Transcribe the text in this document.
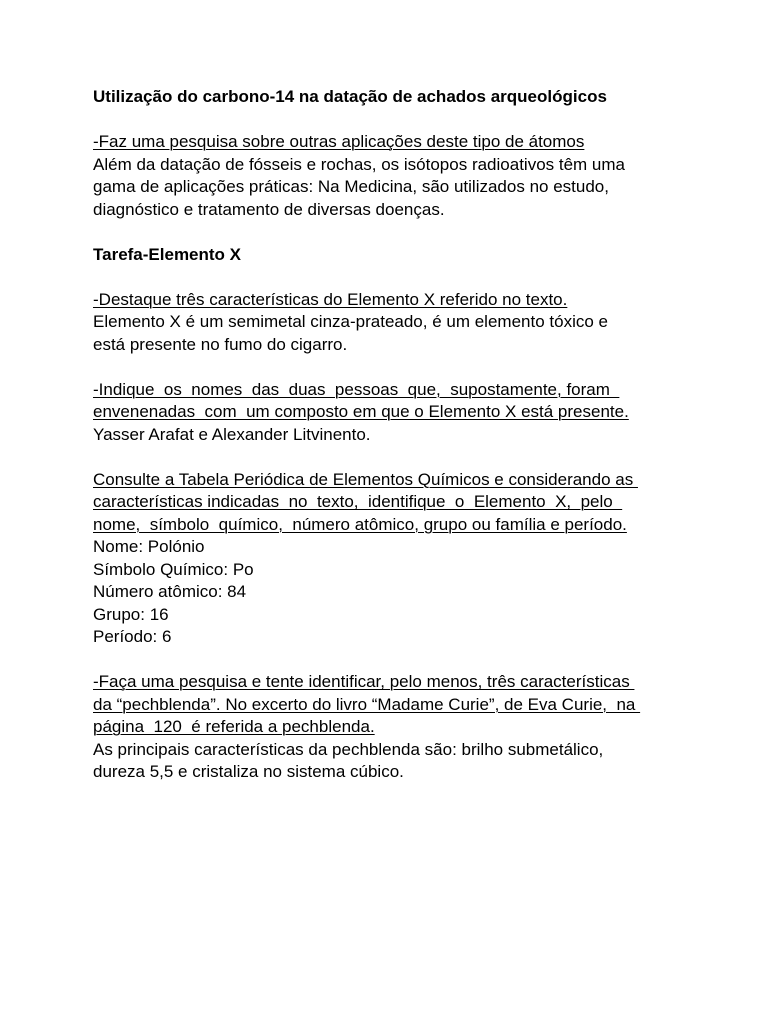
Utilização do carbono-14 na datação de achados arqueológicos
-Faz uma pesquisa sobre outras aplicações deste tipo de átomos
Além da datação de fósseis e rochas, os isótopos radioativos têm uma
gama de aplicações práticas: Na Medicina, são utilizados no estudo,
diagnóstico e tratamento de diversas doenças.
Tarefa-Elemento X
-Destaque três características do Elemento X referido no texto.
Elemento X é um semimetal cinza-prateado, é um elemento tóxico e
está presente no fumo do cigarro.
-Indique  os  nomes  das  duas  pessoas  que,  supostamente, foram
envenenadas  com  um composto em que o Elemento X está presente.
Yasser Arafat e Alexander Litvinento.
Consulte a Tabela Periódica de Elementos Químicos e considerando as
características indicadas  no  texto,  identifique  o  Elemento  X,  pelo
nome,  símbolo  químico,  número atômico, grupo ou família e período.
Nome: Polónio
Símbolo Químico: Po
Número atômico: 84
Grupo: 16
Período: 6
-Faça uma pesquisa e tente identificar, pelo menos, três características
da “pechblenda”. No excerto do livro “Madame Curie”, de Eva Curie,  na
página  120  é referida a pechblenda.
As principais características da pechblenda são: brilho submetálico,
dureza 5,5 e cristaliza no sistema cúbico.
